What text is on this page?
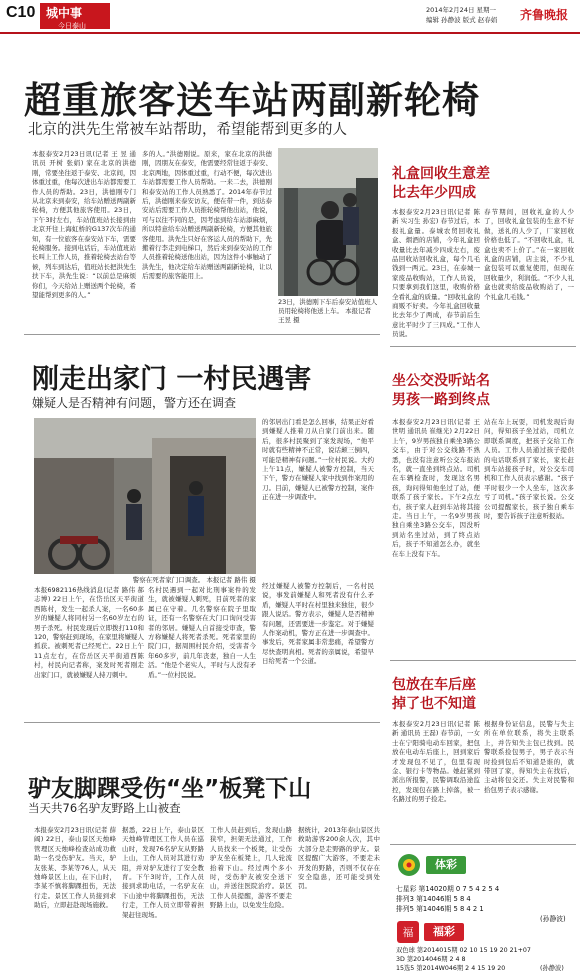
C10 城中事
今日泰山
2014年2月24日 星期一
编辑 孙静波 版式 赵春娟 齐鲁晚报
超重旅客送车站两副新轮椅
北京的洪先生常被车站帮助，希望能帮到更多的人
本报泰安2月23日讯(记者 王 昱 通讯员 开树 张娟) 家在北京的洪德刚，常要坐往返于泰安、北京间，因体重过重，他每次进出车站都需要工作人员的帮助。23日，洪德刚专门从北京来到泰安，给车站赠送两副新轮椅，方便其他旅客使用。23日，下午3时左右，车站值班站长接到由北京开往上海虹桥的G137次车的通知，有一位旅客在泰安站下车，需要轮椅服务。接到电话后，车站值班站长叫上工作人员，推着轮椅去站台等候，列车到达后，值班站长把洪先生扶下车，洪先生说：“以前总是麻烦你们，今天给站上赠送两个轮椅，希望能帮到更多的人。”
多的人。”洪德刚说。原来，家在北京的洪德刚，因朋友在泰安，他需要经常往返于泰安、北京两地，因体重过重，行动不便，每次进出车站都需要工作人员帮助。一来二去，洪德刚和泰安站的工作人员熟悉了。2014年春节过后，洪德刚来泰安访友，便在带一件，到达泰安站后需要工作人员推轮椅帮他出站，他说，可与以往不同的是，因考虑到给车站添麻烦，所以特意给车站赠送两副新轮椅，方便其他旅客使用。洪先生只好在客运人员的帮助下，先搬着行李走到电梯口，然后来到泰安站的工作人员推着轮椅送他出站，因为这件小事触动了洪先生，他决定给车站赠送两副新轮椅，让以后需要的旅客能用上。
23日，洪德刚下车后泰安站值班人员用轮椅将他送上车。 本报记者 王昱 摄
礼盒回收生意差
比去年少四成
本报泰安2月23日讯(记者 陈新 实习生 孙宏) 春节过后，本报礼盒量。泰城农贸回收礼盒、烟酒的店铺，今年礼盒回收量比去年减少四成左右，废品回收站回收礼盒，每个几毛钱到一两元。23日，在泰城一家废品收购站，工作人员说，只要拿到我们这里，收购价格全看礼盒的质量。“回收礼盒的商贩不好卖。今年礼盒回收量比去年少了两成，春节前后生意比平时少了三四成。”工作人员说。
春节期间，回收礼盒的人少了，回收礼盒包装的生意不好做，送礼的人少了，厂家回收价格也低了。“不回收礼盒，礼盒也卖不上价了。”在一家回收礼盒的店铺，店主说，不少礼盒包装可以重复使用，但现在回收量少，利润低。“不少人礼盒也就卖给废品收购站了，一个礼盒几毛钱。”
刚走出家门 一村民遇害
嫌疑人是否精神有问题，警方还在调查
警察在死者家门口调查。 本报记者 路伟 摄
本报6982116热线消息(记者 路伟 郝志博) 22日上午，在岱岳区天平街道西陈村，发生一起杀人案，一名60多岁的嫌疑人将同村另一名60岁左右的男子杀死。村民发现后立即拨打110和120，警察赶到现场，在家里将嫌疑人抓获。被刺死者已经死亡。22日上午11点左右，在岱岳区天平街道西陈村，村民向记者称，案发时死者刚走出家门口，就被嫌疑人持刀刺中。
名村民遇到一起对比刑事案件的发生，就被嫌疑人刺死，目前死者的家属已在守着。几名警察在院子里取证，还有一名警察在大门口询问受害者的邻居。嫌疑人自首接受审查，警方称嫌疑人将死者杀死。死者家里的院门口，据周围村民介绍，受害者今年60多岁，前几年丧妻，独自一人生活。“他是个老实人，平时与人没有矛盾。”一位村民说。
的邻居出门看是怎么回事，结果正好看到嫌疑人推着刀从自家门前出来。随后，很多村民聚到了案发现场，“他平时就有些精神不正常，说话颠三倒四，可能是精神有问题。”一位村民说。大约上午11点，嫌疑人被警方控制，当天下午，警方在嫌疑人家中找到作案用的刀。目前，嫌疑人已被警方控制，案件正在进一步调查中。
经过嫌疑人被警方控制后，一名村民说，事发前嫌疑人和死者没有什么矛盾，嫌疑人平时在村里独来独往，很少跟人说话。警方表示，嫌疑人是否精神有问题，还需要进一步鉴定。对于嫌疑人作案动机，警方正在进一步调查中。事发后，死者家属非常悲痛，希望警方尽快查明真相。死者的亲属说，希望早日给死者一个公道。
坐公交没听站名
男孩一路到终点
本报泰安2月23日讯(记者 王世明 通讯员 崔继光) 2月22日上午，9岁男孩独自乘坐3路公交车，由于对公交线路不熟悉，也没有注意听公交车报站名，就一直坐到终点站。司机在车辆检查时，发现这名男孩，询问得知他坐过了站，便联系了孩子家长。下午2点左右，孩子家人赶到车站将其接走。当日上午，一名9岁男孩独自乘坐3路公交车，因没听到站名坐过站，到了终点站后，孩子不知道怎么办，就坐在车上没有下车。
站在车上玩耍，司机发现后询问，得知孩子坐过站，司机立即联系调度，把孩子交给工作人员。工作人员通过孩子提供的电话联系到了家长，家长赶到车站接孩子时，对公交车司机和工作人员表示感谢。“孩子平时很少一个人坐车，这次多亏了司机。”孩子家长说。公交公司提醒家长，孩子独自乘车时，要告诉孩子注意听报站。
包放在车后座
掉了也不知道
本报泰安2月23日讯(记者 陈新 通讯员 王磊) 春节前，一女士在宁阳骑电动车回家，把包放在电动车后座上，回到家后才发现包不见了，包里有现金、银行卡等物品。她赶紧到派出所报警，民警调取沿途监控，发现包在路上掉落，被一名路过的男子捡走。
根据身份证信息，民警与失主所在单位联系，将失主联系上，并告知失主包已找到。民警联系捡包男子，男子表示当时捡到包后不知道是谁的，就带回了家，得知失主在找后，主动将包交还。失主对民警和拾包男子表示感谢。
驴友脚踝受伤“坐”板凳下山
当天共76名驴友野路上山被查
本报泰安2月23日讯(记者 薛阔) 22日，泰山景区天烛峰管理区天烛峰检查站成功救助一名受伤驴友。当天，驴友张某、李某等76人，从天烛峰景区上山，在下山时，李某不慎将脚踝扭伤，无法行走。景区工作人员接到求助后，立即赶赴现场施救。
据悉，22日上午，泰山景区天烛峰管理区工作人员在巡山时，发现76名驴友从野路上山，工作人员对其进行劝阻，并对驴友进行了安全教育。下午3时许，工作人员接到求助电话，一名驴友在下山途中将脚踝扭伤，无法行走，工作人员立即带着担架赶往现场。
工作人员赶到后，发现山路狭窄，担架无法通过，工作人员找来一个板凳，让受伤驴友坐在板凳上，几人轮流抬着下山。经过两个多小时，受伤驴友被安全送下山，并送往医院治疗。景区工作人员提醒，游客不要走野路上山，以免发生危险。
据统计，2013年泰山景区共救助游客200余人次，其中大部分是走野路的驴友。景区提醒广大游客，不要走未开发的野路，否则不仅存在安全隐患，还可能受到处罚。
体彩
七星彩 第14020期 0 7 5 4 2 5 4
排列3 第14046期 5 8 4
排列5 第14046期 5 8 4 2 1
(孙静波)
福	福彩
双色球 第2014015期 02 10 15 19 20 21+07
3D 第2014046期 2 4 8
15选5 第2014W046期 2 4 15 19 20	(孙静波)
